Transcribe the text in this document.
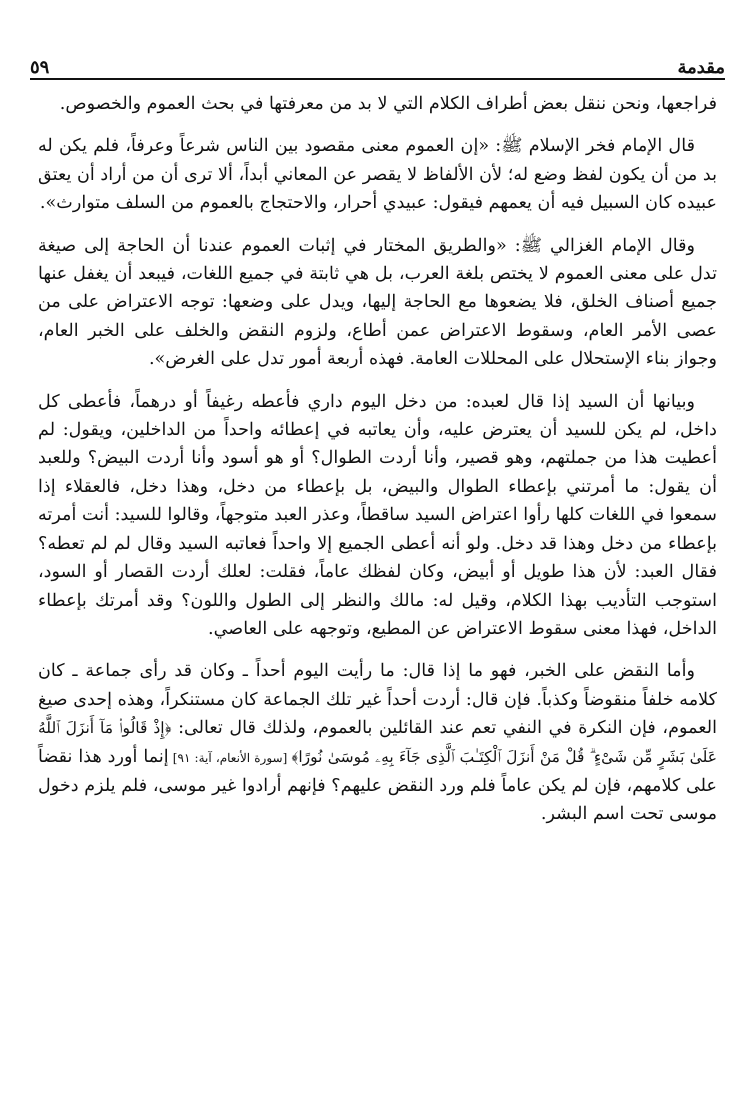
٥٩	مقدمة

فراجعها، ونحن ننقل بعض أطراف الكلام التي لا بد من معرفتها في بحث العموم والخصوص.

قال الإمام فخر الإسلام ﷺ: «إن العموم معنى مقصود بين الناس شرعاً وعرفاً، فلم يكن له بد من أن يكون لفظ وضع له؛ لأن الألفاظ لا يقصر عن المعاني أبداً، ألا ترى أن من أراد أن يعتق عبيده كان السبيل فيه أن يعمهم فيقول: عبيدي أحرار، والاحتجاج بالعموم من السلف متوارث».

وقال الإمام الغزالي ﷺ: «والطريق المختار في إثبات العموم عندنا أن الحاجة إلى صيغة تدل على معنى العموم لا يختص بلغة العرب، بل هي ثابتة في جميع اللغات، فيبعد أن يغفل عنها جميع أصناف الخلق، فلا يضعوها مع الحاجة إليها، ويدل على وضعها: توجه الاعتراض على من عصى الأمر العام، وسقوط الاعتراض عمن أطاع، ولزوم النقض والخلف على الخبر العام، وجواز بناء الإستحلال على المحللات العامة. فهذه أربعة أمور تدل على الغرض».

وبيانها أن السيد إذا قال لعبده: من دخل اليوم داري فأعطه رغيفاً أو درهماً، فأعطى كل داخل، لم يكن للسيد أن يعترض عليه، وأن يعاتبه في إعطائه واحداً من الداخلين، ويقول: لم أعطيت هذا من جملتهم، وهو قصير، وأنا أردت الطوال؟ أو هو أسود وأنا أردت البيض؟ وللعبد أن يقول: ما أمرتني بإعطاء الطوال والبيض، بل بإعطاء من دخل، وهذا دخل، فالعقلاء إذا سمعوا في اللغات كلها رأوا اعتراض السيد ساقطاً، وعذر العبد متوجهاً، وقالوا للسيد: أنت أمرته بإعطاء من دخل وهذا قد دخل. ولو أنه أعطى الجميع إلا واحداً فعاتبه السيد وقال لم لم تعطه؟ فقال العبد: لأن هذا طويل أو أبيض، وكان لفظك عاماً، فقلت: لعلك أردت القصار أو السود، استوجب التأديب بهذا الكلام، وقيل له: مالك والنظر إلى الطول واللون؟ وقد أمرتك بإعطاء الداخل، فهذا معنى سقوط الاعتراض عن المطيع، وتوجهه على العاصي.

وأما النقض على الخبر، فهو ما إذا قال: ما رأيت اليوم أحداً ـ وكان قد رأى جماعة ـ كان كلامه خلفاً منقوضاً وكذباً. فإن قال: أردت أحداً غير تلك الجماعة كان مستنكراً، وهذه إحدى صيغ العموم، فإن النكرة في النفي تعم عند القائلين بالعموم، ولذلك قال تعالى: ﴿إِذْ قَالُوا۟ مَآ أَنزَلَ ٱللَّهُ عَلَىٰ بَشَرٍ مِّن شَىْءٍ ۗ قُلْ مَنْ أَنزَلَ ٱلْكِتَـٰبَ ٱلَّذِى جَآءَ بِهِۦ مُوسَىٰ نُورًا﴾ [سورة الأنعام، آية: ٩١] إنما أورد هذا نقضاً على كلامهم، فإن لم يكن عاماً فلم ورد النقض عليهم؟ فإنهم أرادوا غير موسى، فلم يلزم دخول موسى تحت اسم البشر.
